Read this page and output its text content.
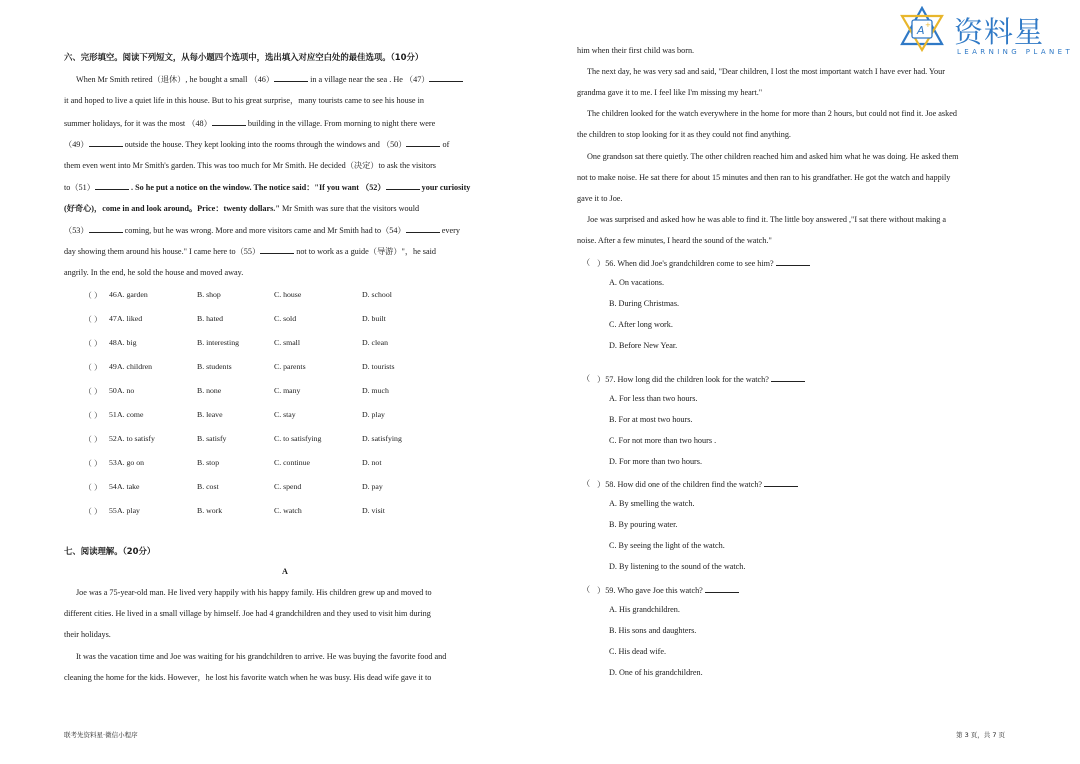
A + 资料星
LEARNING PLANET
六、完形填空。阅读下列短文，从每小题四个选项中，选出填入对应空白处的最佳选项。（10分）
When Mr Smith retired（退休）, he bought a small （46）	in a village near the sea . He （47）
it and hoped to live a quiet life in this house. But to his great surprise，many tourists came to see his house in
summer holidays, for it was the most （48）	building in the village. From morning to night there were
（49）	outside the house. They kept looking into the rooms through the windows and （50）	of
them even went into Mr Smith's garden. This was too much for Mr Smith. He decided（决定）to ask the visitors
to（51）	. So he put a notice on the window. The notice said："If you want （52）	your curiosity
(好奇心)，come in and look around。Price：twenty dollars." Mr Smith was sure that the visitors would
（53）	coming, but he was wrong. More and more visitors came and Mr Smith had to（54）	every
day showing them around his house." I came here to（55）	not to work as a guide（导游）"，he said
angrily. In the end, he sold the house and moved away.
（ ） 46 A. garden	B. shop	C. house	D. school
（ ） 47 A. liked	B. hated	C. sold	D. built
（ ） 48 A. big	B. interesting	C. small	D. clean
（ ） 49 A. children	B. students	C. parents	D. tourists
（ ） 50 A. no	B. none	C. many	D. much
（ ） 51 A. come	B. leave	C. stay	D. play
（ ） 52 A. to satisfy	B. satisfy	C. to satisfying	D. satisfying
（ ） 53 A. go on	B. stop	C. continue	D. not
（ ） 54 A. take	B. cost	C. spend	D. pay
（ ） 55 A. play	B. work	C. watch	D. visit
七、阅读理解。（20分）
A
Joe was a 75-year-old man. He lived very happily with his happy family. His children grew up and moved to
different cities. He lived in a small village by himself. Joe had 4 grandchildren and they used to visit him during
their holidays.
It was the vacation time and Joe was waiting for his grandchildren to arrive. He was buying the favorite food and
cleaning the home for the kids. However，he lost his favorite watch when he was busy. His dead wife gave it to
him when their first child was born.
The next day, he was very sad and said, "Dear children, I lost the most important watch I have ever had. Your
grandma gave it to me. I feel like I'm missing my heart."
The children looked for the watch everywhere in the home for more than 2 hours, but could not find it. Joe asked
the children to stop looking for it as they could not find anything.
One grandson sat there quietly. The other children reached him and asked him what he was doing. He asked them
not to make noise. He sat there for about 15 minutes and then ran to his grandfather. He got the watch and happily
gave it to Joe.
Joe was surprised and asked how he was able to find it. The little boy answered ,"I sat there without making a
noise. After a few minutes, I heard the sound of the watch."
（ ）56. When did Joe's grandchildren come to see him?
A. On vacations.
B. During Christmas.
C. After long work.
D. Before New Year.
（ ）57. How long did the children look for the watch?
A. For less than two hours.
B. For at most two hours.
C. For not more than two hours .
D. For more than two hours.
（ ）58. How did one of the children find the watch?
A. By smelling the watch.
B. By pouring water.
C. By seeing the light of the watch.
D. By listening to the sound of the watch.
（ ）59. Who gave Joe this watch?
A. His grandchildren.
B. His sons and daughters.
C. His dead wife.
D. One of his grandchildren.
联考先资料星·微信小程序	第 3 页，共 7 页
